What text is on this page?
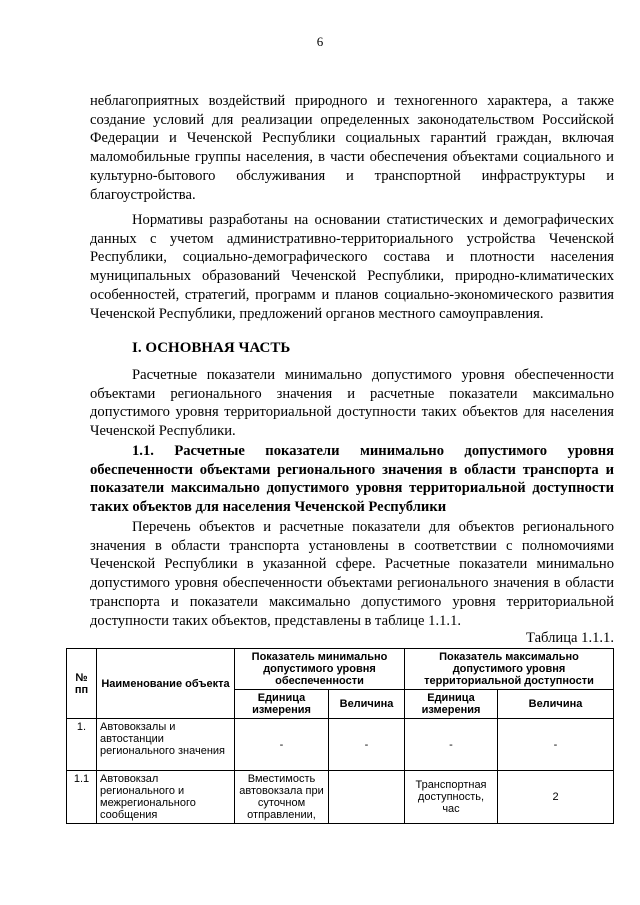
6

неблагоприятных воздействий природного и техногенного характера, а также создание условий для реализации определенных законодательством Российской Федерации и Чеченской Республики социальных гарантий граждан, включая маломобильные группы населения, в части обеспечения объектами социального и культурно-бытового обслуживания и транспортной инфраструктуры и благоустройства.

Нормативы разработаны на основании статистических и демографических данных с учетом административно-территориального устройства Чеченской Республики, социально-демографического состава и плотности населения муниципальных образований Чеченской Республики, природно-климатических особенностей, стратегий, программ и планов социально-экономического развития Чеченской Республики, предложений органов местного самоуправления.

I. ОСНОВНАЯ ЧАСТЬ

Расчетные показатели минимально допустимого уровня обеспеченности объектами регионального значения и расчетные показатели максимально допустимого уровня территориальной доступности таких объектов для населения Чеченской Республики.

1.1. Расчетные показатели минимально допустимого уровня обеспеченности объектами регионального значения в области транспорта и показатели максимально допустимого уровня территориальной доступности таких объектов для населения Чеченской Республики

Перечень объектов и расчетные показатели для объектов регионального значения в области транспорта установлены в соответствии с полномочиями Чеченской Республики в указанной сфере. Расчетные показатели минимально допустимого уровня обеспеченности объектами регионального значения в области транспорта и показатели максимально допустимого уровня территориальной доступности таких объектов, представлены в таблице 1.1.1.

Таблица 1.1.1.
№ пп	Наименование объекта	Показатель минимально допустимого уровня обеспеченности		Показатель максимально допустимого уровня территориальной доступности	
		Единица измерения	Величина	Единица измерения	Величина
1.	Автовокзалы и автостанции регионального значения	-	-	-	-
1.1	Автовокзал регионального и межрегионального сообщения	Вместимость автовокзала при суточном отправлении,		Транспортная доступность, час	2
